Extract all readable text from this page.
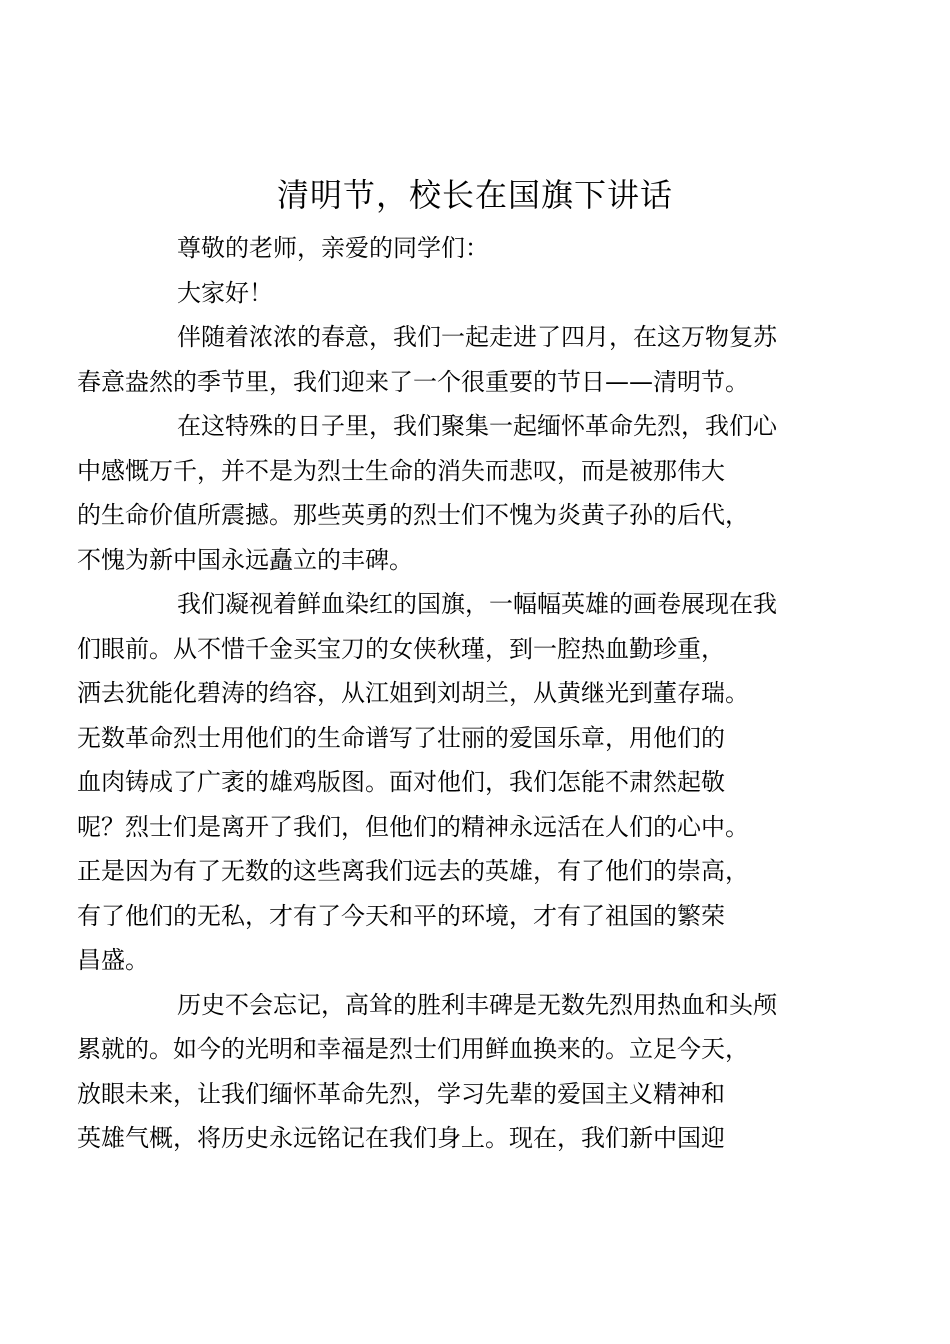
清明节，校长在国旗下讲话

尊敬的老师，亲爱的同学们：

大家好！

伴随着浓浓的春意，我们一起走进了四月，在这万物复苏
春意盎然的季节里，我们迎来了一个很重要的节日——清明节。

在这特殊的日子里，我们聚集一起缅怀革命先烈，我们心
中感慨万千，并不是为烈士生命的消失而悲叹，而是被那伟大
的生命价值所震撼。那些英勇的烈士们不愧为炎黄子孙的后代，
不愧为新中国永远矗立的丰碑。

我们凝视着鲜血染红的国旗，一幅幅英雄的画卷展现在我
们眼前。从不惜千金买宝刀的女侠秋瑾，到一腔热血勤珍重，
洒去犹能化碧涛的绉容，从江姐到刘胡兰，从黄继光到董存瑞。
无数革命烈士用他们的生命谱写了壮丽的爱国乐章，用他们的
血肉铸成了广袤的雄鸡版图。面对他们，我们怎能不肃然起敬
呢？烈士们是离开了我们，但他们的精神永远活在人们的心中。
正是因为有了无数的这些离我们远去的英雄，有了他们的崇高，
有了他们的无私，才有了今天和平的环境，才有了祖国的繁荣
昌盛。

历史不会忘记，高耸的胜利丰碑是无数先烈用热血和头颅
累就的。如今的光明和幸福是烈士们用鲜血换来的。立足今天，
放眼未来，让我们缅怀革命先烈，学习先辈的爱国主义精神和
英雄气概，将历史永远铭记在我们身上。现在，我们新中国迎
